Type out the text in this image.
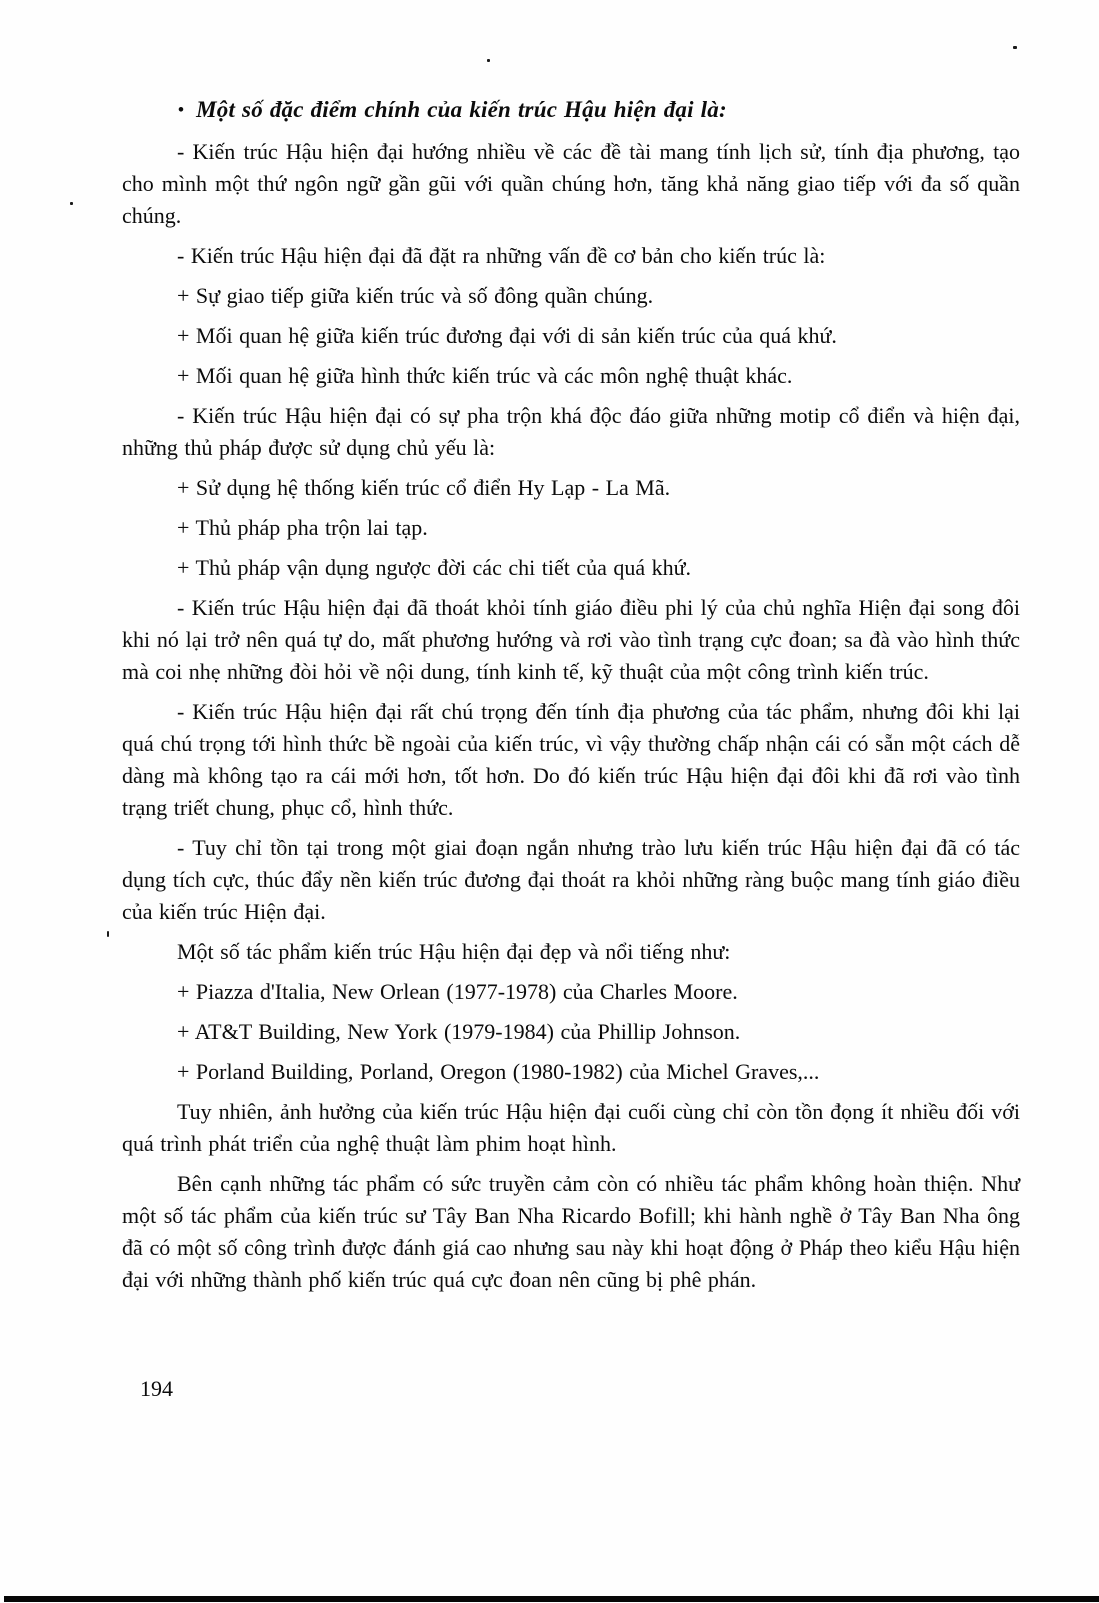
• Một số đặc điểm chính của kiến trúc Hậu hiện đại là:

- Kiến trúc Hậu hiện đại hướng nhiều về các đề tài mang tính lịch sử, tính địa phương, tạo cho mình một thứ ngôn ngữ gần gũi với quần chúng hơn, tăng khả năng giao tiếp với đa số quần chúng.

- Kiến trúc Hậu hiện đại đã đặt ra những vấn đề cơ bản cho kiến trúc là:

+ Sự giao tiếp giữa kiến trúc và số đông quần chúng.

+ Mối quan hệ giữa kiến trúc đương đại với di sản kiến trúc của quá khứ.

+ Mối quan hệ giữa hình thức kiến trúc và các môn nghệ thuật khác.

- Kiến trúc Hậu hiện đại có sự pha trộn khá độc đáo giữa những motip cổ điển và hiện đại, những thủ pháp được sử dụng chủ yếu là:

+ Sử dụng hệ thống kiến trúc cổ điển Hy Lạp - La Mã.

+ Thủ pháp pha trộn lai tạp.

+ Thủ pháp vận dụng ngược đời các chi tiết của quá khứ.

- Kiến trúc Hậu hiện đại đã thoát khỏi tính giáo điều phi lý của chủ nghĩa Hiện đại song đôi khi nó lại trở nên quá tự do, mất phương hướng và rơi vào tình trạng cực đoan; sa đà vào hình thức mà coi nhẹ những đòi hỏi về nội dung, tính kinh tế, kỹ thuật của một công trình kiến trúc.

- Kiến trúc Hậu hiện đại rất chú trọng đến tính địa phương của tác phẩm, nhưng đôi khi lại quá chú trọng tới hình thức bề ngoài của kiến trúc, vì vậy thường chấp nhận cái có sẵn một cách dễ dàng mà không tạo ra cái mới hơn, tốt hơn. Do đó kiến trúc Hậu hiện đại đôi khi đã rơi vào tình trạng triết chung, phục cổ, hình thức.

- Tuy chỉ tồn tại trong một giai đoạn ngắn nhưng trào lưu kiến trúc Hậu hiện đại đã có tác dụng tích cực, thúc đẩy nền kiến trúc đương đại thoát ra khỏi những ràng buộc mang tính giáo điều của kiến trúc Hiện đại.

Một số tác phẩm kiến trúc Hậu hiện đại đẹp và nổi tiếng như:

+ Piazza d'Italia, New Orlean (1977-1978) của Charles Moore.

+ AT&T Building, New York (1979-1984) của Phillip Johnson.

+ Porland Building, Porland, Oregon (1980-1982) của Michel Graves,...

Tuy nhiên, ảnh hưởng của kiến trúc Hậu hiện đại cuối cùng chỉ còn tồn đọng ít nhiều đối với quá trình phát triển của nghệ thuật làm phim hoạt hình.

Bên cạnh những tác phẩm có sức truyền cảm còn có nhiều tác phẩm không hoàn thiện. Như một số tác phẩm của kiến trúc sư Tây Ban Nha Ricardo Bofill; khi hành nghề ở Tây Ban Nha ông đã có một số công trình được đánh giá cao nhưng sau này khi hoạt động ở Pháp theo kiểu Hậu hiện đại với những thành phố kiến trúc quá cực đoan nên cũng bị phê phán.

194
